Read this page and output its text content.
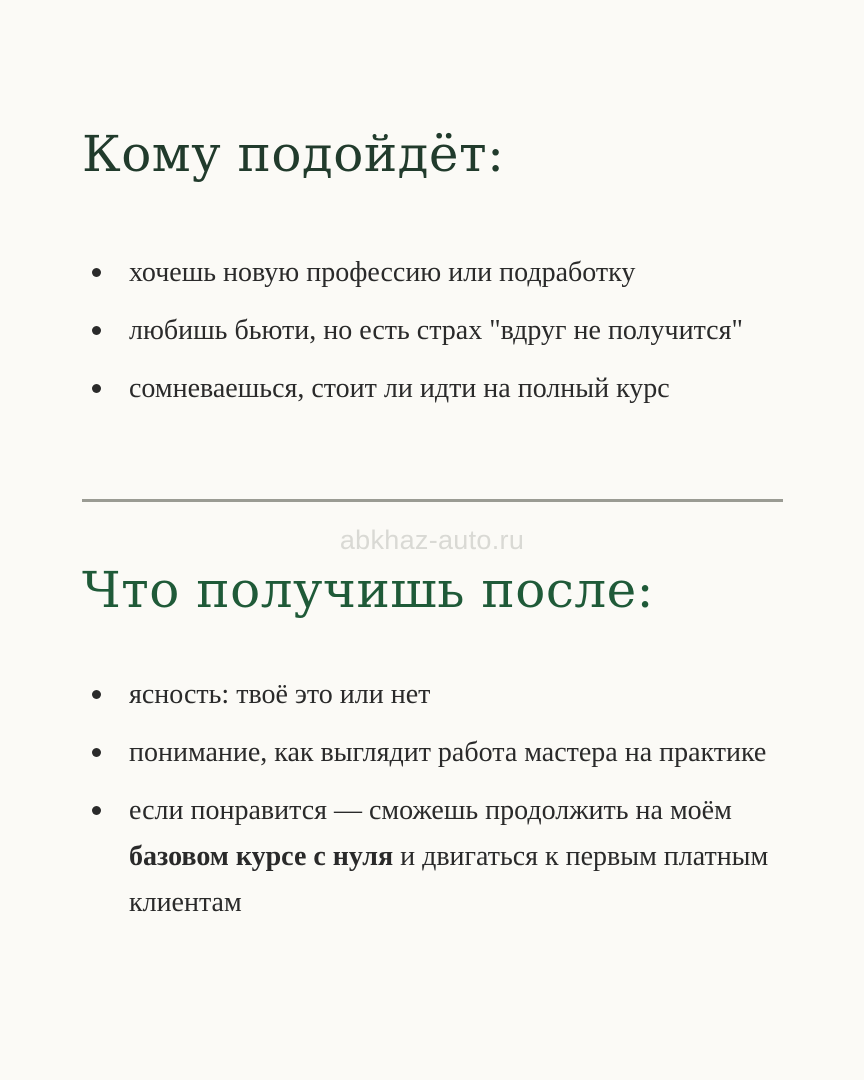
Кому подойдёт:
хочешь новую профессию или подработку
любишь бьюти, но есть страх "вдруг не получится"
сомневаешься, стоит ли идти на полный курс
abkhaz-auto.ru
Что получишь после:
ясность: твоё это или нет
понимание, как выглядит работа мастера на практике
если понравится — сможешь продолжить на моём базовом курсе с нуля и двигаться к первым платным клиентам
